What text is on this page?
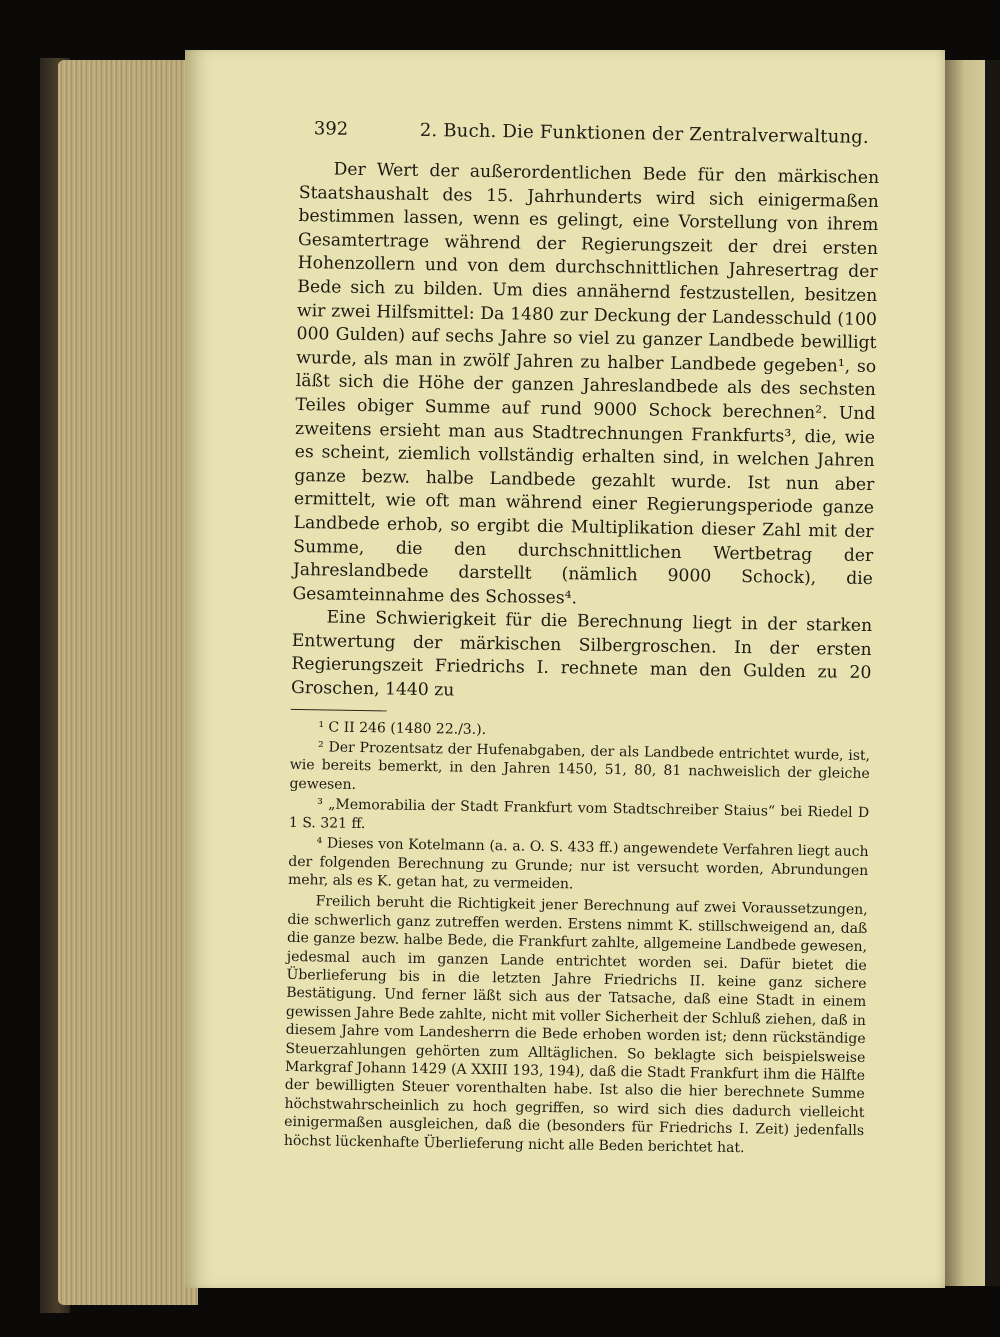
392	2. Buch. Die Funktionen der Zentralverwaltung.

Der Wert der außerordentlichen Bede für den märkischen Staatshaushalt des 15. Jahrhunderts wird sich einigermaßen bestimmen lassen, wenn es gelingt, eine Vorstellung von ihrem Gesamtertrage während der Regierungszeit der drei ersten Hohenzollern und von dem durchschnittlichen Jahresertrag der Bede sich zu bilden. Um dies annähernd festzustellen, besitzen wir zwei Hilfsmittel: Da 1480 zur Deckung der Landesschuld (100 000 Gulden) auf sechs Jahre so viel zu ganzer Landbede bewilligt wurde, als man in zwölf Jahren zu halber Landbede gegeben¹, so läßt sich die Höhe der ganzen Jahreslandbede als des sechsten Teiles obiger Summe auf rund 9000 Schock berechnen². Und zweitens ersieht man aus Stadtrechnungen Frankfurts³, die, wie es scheint, ziemlich vollständig erhalten sind, in welchen Jahren ganze bezw. halbe Landbede gezahlt wurde. Ist nun aber ermittelt, wie oft man während einer Regierungsperiode ganze Landbede erhob, so ergibt die Multiplikation dieser Zahl mit der Summe, die den durchschnittlichen Wertbetrag der Jahreslandbede darstellt (nämlich 9000 Schock), die Gesamteinnahme des Schosses⁴.

Eine Schwierigkeit für die Berechnung liegt in der starken Entwertung der märkischen Silbergroschen. In der ersten Regierungszeit Friedrichs I. rechnete man den Gulden zu 20 Groschen, 1440 zu

¹ C II 246 (1480 22./3.).

² Der Prozentsatz der Hufenabgaben, der als Landbede entrichtet wurde, ist, wie bereits bemerkt, in den Jahren 1450, 51, 80, 81 nachweislich der gleiche gewesen.

³ „Memorabilia der Stadt Frankfurt vom Stadtschreiber Staius“ bei Riedel D 1 S. 321 ff.

⁴ Dieses von Kotelmann (a. a. O. S. 433 ff.) angewendete Verfahren liegt auch der folgenden Berechnung zu Grunde; nur ist versucht worden, Abrundungen mehr, als es K. getan hat, zu vermeiden.

Freilich beruht die Richtigkeit jener Berechnung auf zwei Voraussetzungen, die schwerlich ganz zutreffen werden. Erstens nimmt K. stillschweigend an, daß die ganze bezw. halbe Bede, die Frankfurt zahlte, allgemeine Landbede gewesen, jedesmal auch im ganzen Lande entrichtet worden sei. Dafür bietet die Überlieferung bis in die letzten Jahre Friedrichs II. keine ganz sichere Bestätigung. Und ferner läßt sich aus der Tatsache, daß eine Stadt in einem gewissen Jahre Bede zahlte, nicht mit voller Sicherheit der Schluß ziehen, daß in diesem Jahre vom Landesherrn die Bede erhoben worden ist; denn rückständige Steuerzahlungen gehörten zum Alltäglichen. So beklagte sich beispielsweise Markgraf Johann 1429 (A XXIII 193, 194), daß die Stadt Frankfurt ihm die Hälfte der bewilligten Steuer vorenthalten habe. Ist also die hier berechnete Summe höchstwahrscheinlich zu hoch gegriffen, so wird sich dies dadurch vielleicht einigermaßen ausgleichen, daß die (besonders für Friedrichs I. Zeit) jedenfalls höchst lückenhafte Überlieferung nicht alle Beden berichtet hat.
